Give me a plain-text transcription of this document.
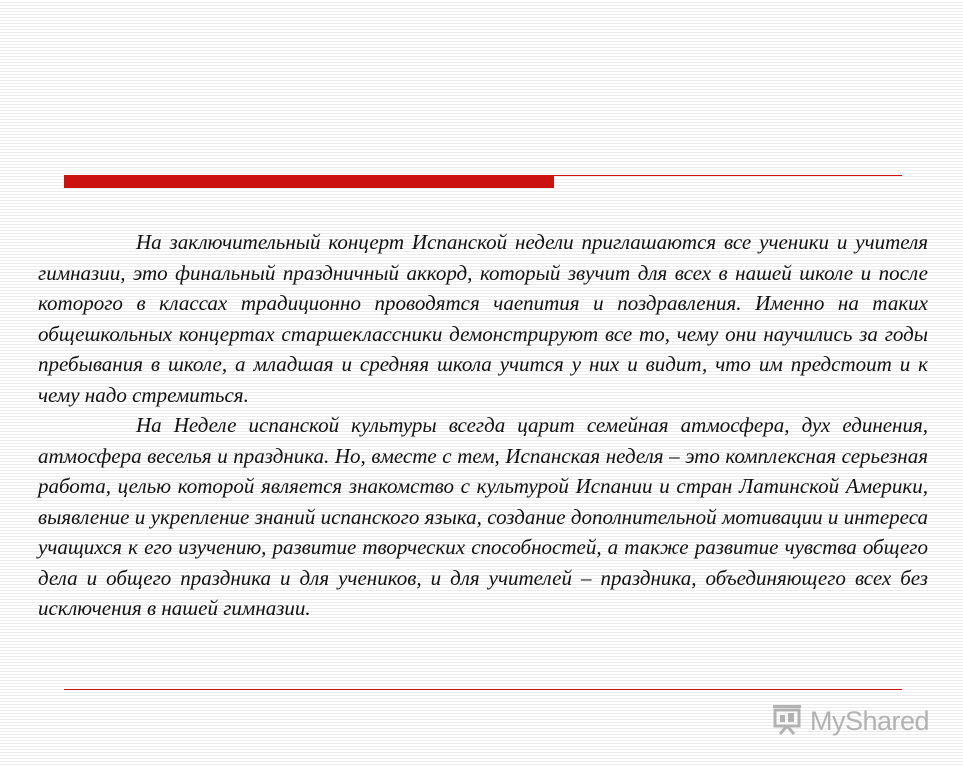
На заключительный концерт Испанской недели приглашаются все ученики и учителя гимназии, это финальный праздничный аккорд, который звучит для всех в нашей школе и после которого в классах традиционно проводятся чаепития и поздравления. Именно на таких общешкольных концертах старшеклассники демонстрируют все то, чему они научились за годы пребывания в школе, а младшая и средняя школа учится у них и видит, что им предстоит и к чему надо стремиться.

На Неделе испанской культуры всегда царит семейная атмосфера, дух единения, атмосфера веселья и праздника. Но, вместе с тем, Испанская неделя – это комплексная серьезная работа, целью которой является знакомство с культурой Испании и стран Латинской Америки, выявление и укрепление знаний испанского языка, создание дополнительной мотивации и интереса учащихся к его изучению, развитие творческих способностей, а также развитие чувства общего дела и общего праздника и для учеников, и для учителей – праздника, объединяющего всех без исключения в нашей гимназии.

MyShared
